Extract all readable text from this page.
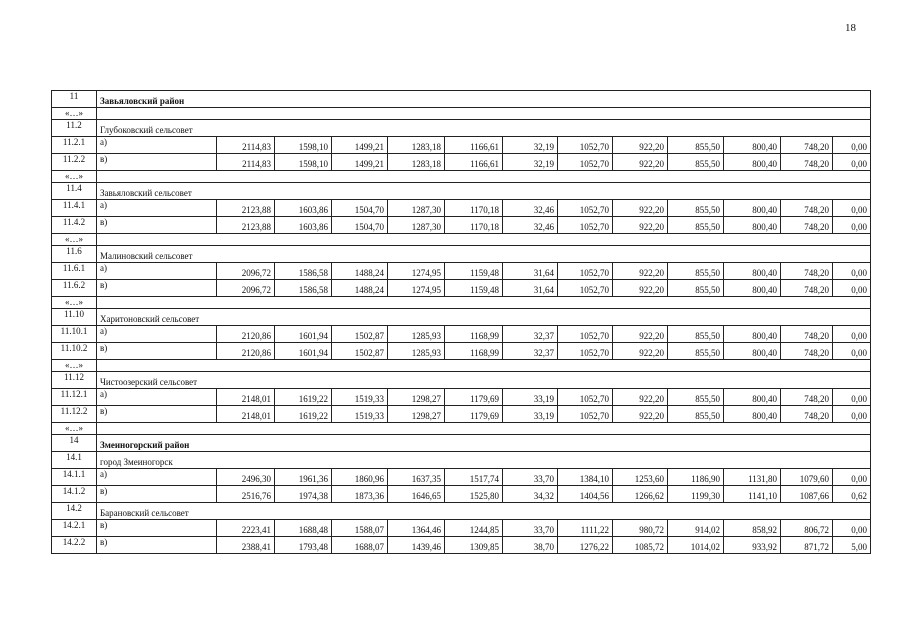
18
11	Завьяловский район												
«…»													
11.2	Глубоковский сельсовет												
11.2.1	а)	2114,83	1598,10	1499,21	1283,18	1166,61	32,19	1052,70	922,20	855,50	800,40	748,20	0,00
11.2.2	в)	2114,83	1598,10	1499,21	1283,18	1166,61	32,19	1052,70	922,20	855,50	800,40	748,20	0,00
«…»													
11.4	Завьяловский сельсовет												
11.4.1	а)	2123,88	1603,86	1504,70	1287,30	1170,18	32,46	1052,70	922,20	855,50	800,40	748,20	0,00
11.4.2	в)	2123,88	1603,86	1504,70	1287,30	1170,18	32,46	1052,70	922,20	855,50	800,40	748,20	0,00
«…»													
11.6	Малиновский сельсовет												
11.6.1	а)	2096,72	1586,58	1488,24	1274,95	1159,48	31,64	1052,70	922,20	855,50	800,40	748,20	0,00
11.6.2	в)	2096,72	1586,58	1488,24	1274,95	1159,48	31,64	1052,70	922,20	855,50	800,40	748,20	0,00
«…»													
11.10	Харитоновский сельсовет												
11.10.1	а)	2120,86	1601,94	1502,87	1285,93	1168,99	32,37	1052,70	922,20	855,50	800,40	748,20	0,00
11.10.2	в)	2120,86	1601,94	1502,87	1285,93	1168,99	32,37	1052,70	922,20	855,50	800,40	748,20	0,00
«…»													
11.12	Чистоозерский сельсовет												
11.12.1	а)	2148,01	1619,22	1519,33	1298,27	1179,69	33,19	1052,70	922,20	855,50	800,40	748,20	0,00
11.12.2	в)	2148,01	1619,22	1519,33	1298,27	1179,69	33,19	1052,70	922,20	855,50	800,40	748,20	0,00
«…»													
14	Змеиногорский район												
14.1	город Змеиногорск												
14.1.1	а)	2496,30	1961,36	1860,96	1637,35	1517,74	33,70	1384,10	1253,60	1186,90	1131,80	1079,60	0,00
14.1.2	в)	2516,76	1974,38	1873,36	1646,65	1525,80	34,32	1404,56	1266,62	1199,30	1141,10	1087,66	0,62
14.2	Барановский сельсовет												
14.2.1	в)	2223,41	1688,48	1588,07	1364,46	1244,85	33,70	1111,22	980,72	914,02	858,92	806,72	0,00
14.2.2	в)	2388,41	1793,48	1688,07	1439,46	1309,85	38,70	1276,22	1085,72	1014,02	933,92	871,72	5,00
